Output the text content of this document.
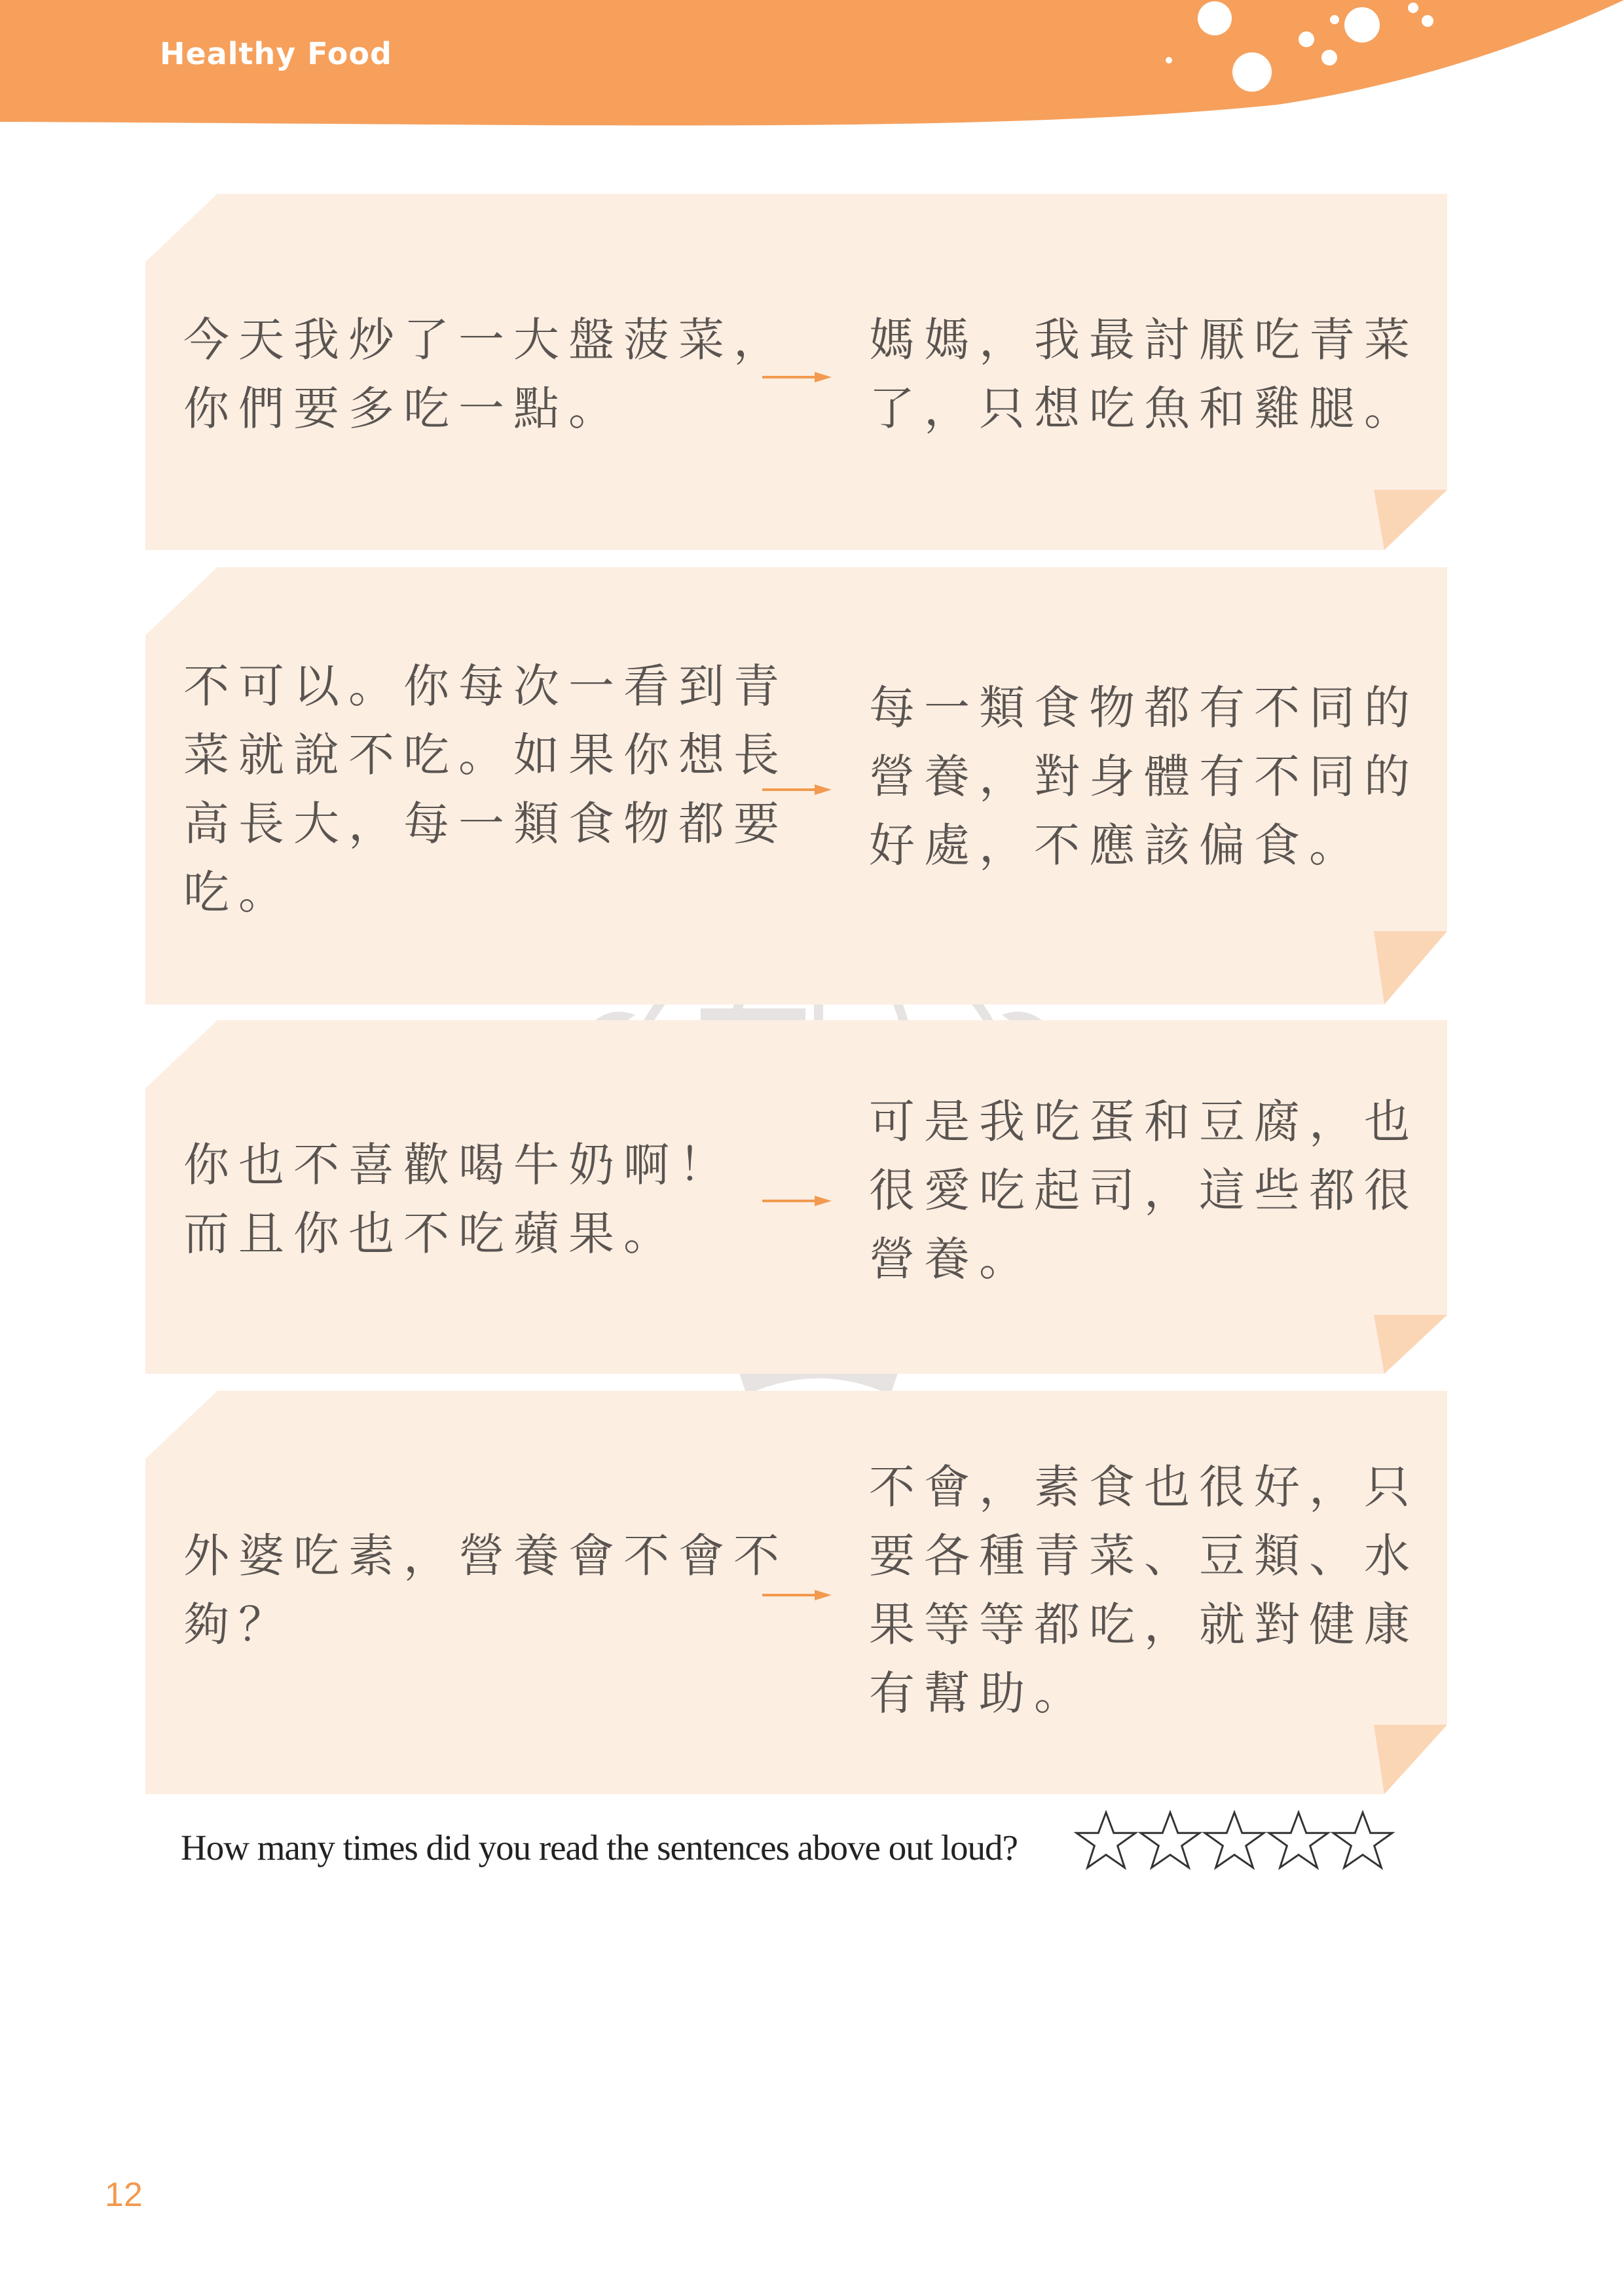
Healthy Food
今天我炒了一大盤菠菜，
你們要多吃一點。
媽媽，我最討厭吃青菜
了，只想吃魚和雞腿。
不可以。你每次一看到青
菜就說不吃。如果你想長
高長大，每一類食物都要
吃。
每一類食物都有不同的
營養，對身體有不同的
好處，不應該偏食。
你也不喜歡喝牛奶啊！
而且你也不吃蘋果。
可是我吃蛋和豆腐，也
很愛吃起司，這些都很
營養。
外婆吃素，營養會不會不
夠？
不會，素食也很好，只
要各種青菜、豆類、水
果等等都吃，就對健康
有幫助。
How many times did you read the sentences above out loud?
12
